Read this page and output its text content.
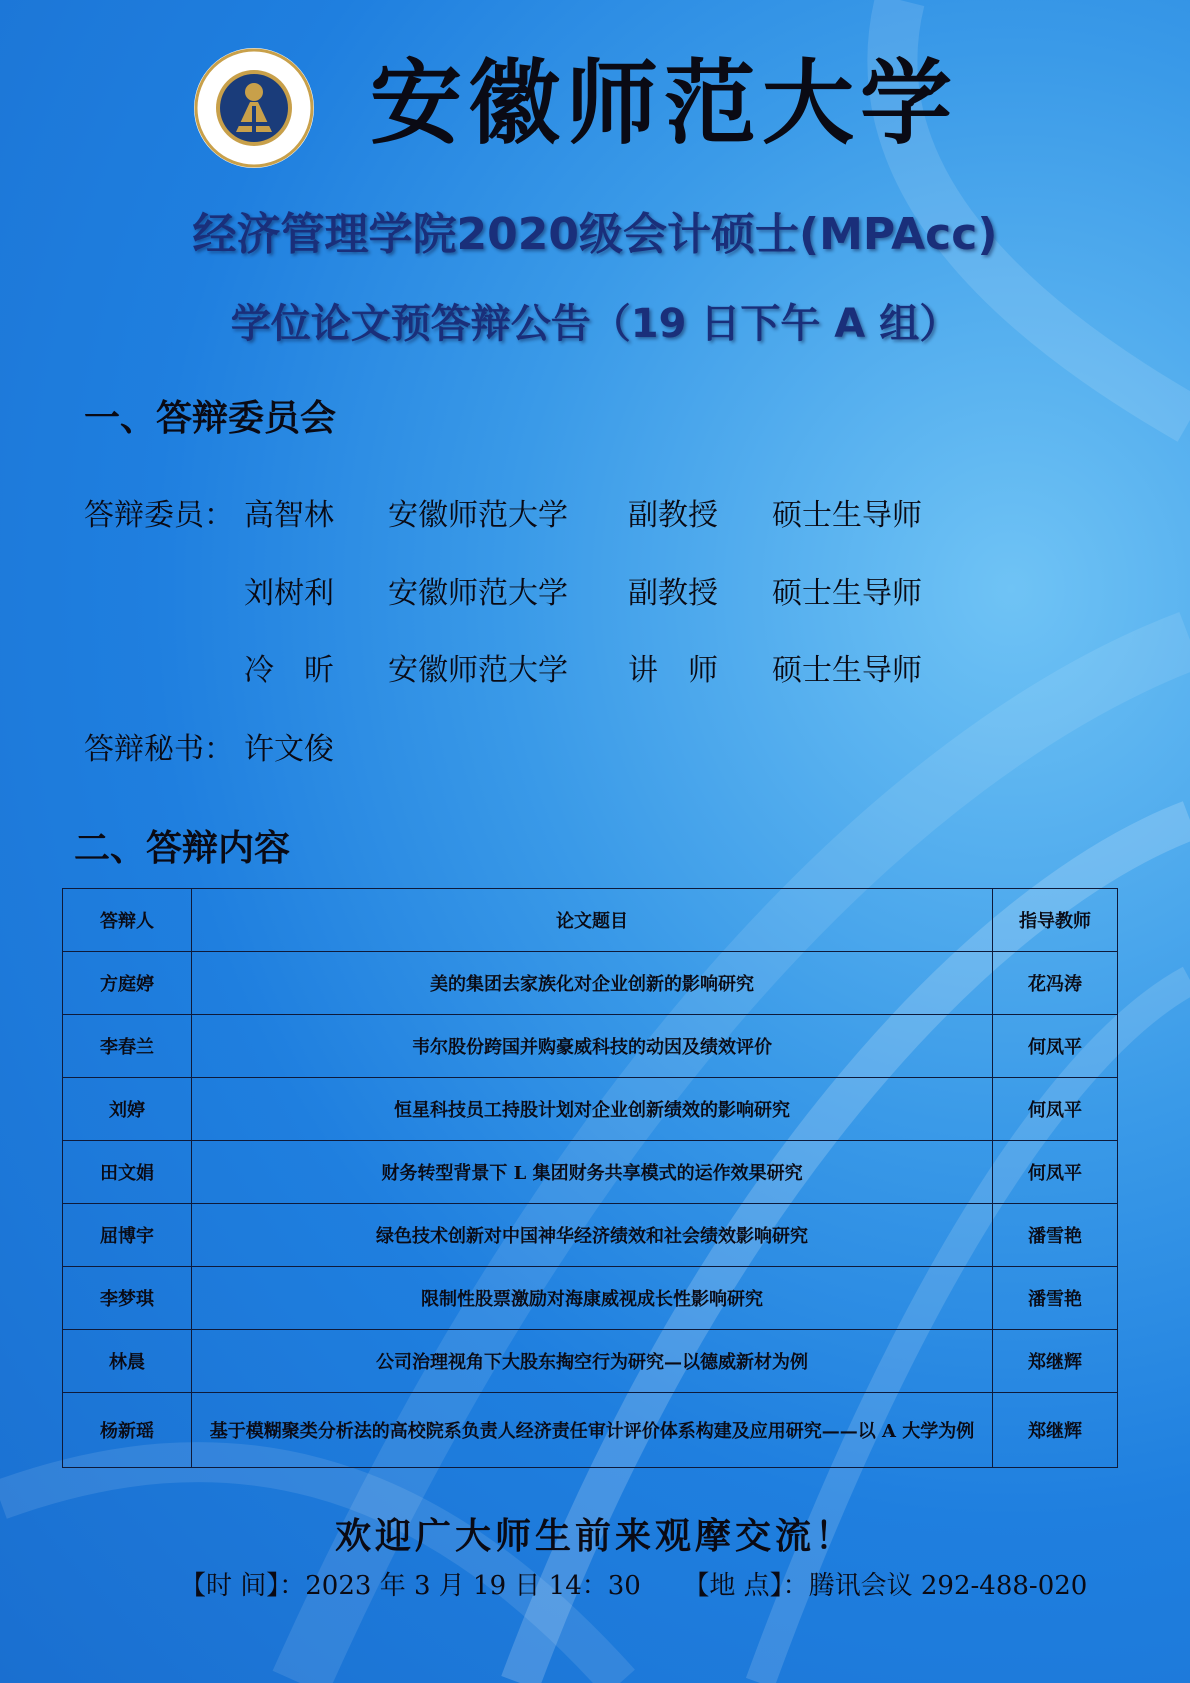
安徽师范大学
经济管理学院2020级会计硕士(MPAcc)
学位论文预答辩公告（19 日下午 A 组）
一、答辩委员会
答辩委员： 高智林 安徽师范大学 副教授 硕士生导师
刘树利 安徽师范大学 副教授 硕士生导师
冷　昕 安徽师范大学 讲　师 硕士生导师
答辩秘书： 许文俊
二、答辩内容
答辩人	论文题目	指导教师
方庭婷	美的集团去家族化对企业创新的影响研究	花冯涛
李春兰	韦尔股份跨国并购豪威科技的动因及绩效评价	何凤平
刘婷	恒星科技员工持股计划对企业创新绩效的影响研究	何凤平
田文娟	财务转型背景下 L 集团财务共享模式的运作效果研究	何凤平
屈博宇	绿色技术创新对中国神华经济绩效和社会绩效影响研究	潘雪艳
李梦琪	限制性股票激励对海康威视成长性影响研究	潘雪艳
林晨	公司治理视角下大股东掏空行为研究—以德威新材为例	郑继辉
杨新瑶	基于模糊聚类分析法的高校院系负责人经济责任审计评价体系构建及应用研究——以 A 大学为例	郑继辉
欢迎广大师生前来观摩交流！
【时 间】：2023 年 3 月 19 日 14：30 【地 点】：腾讯会议 292-488-020
